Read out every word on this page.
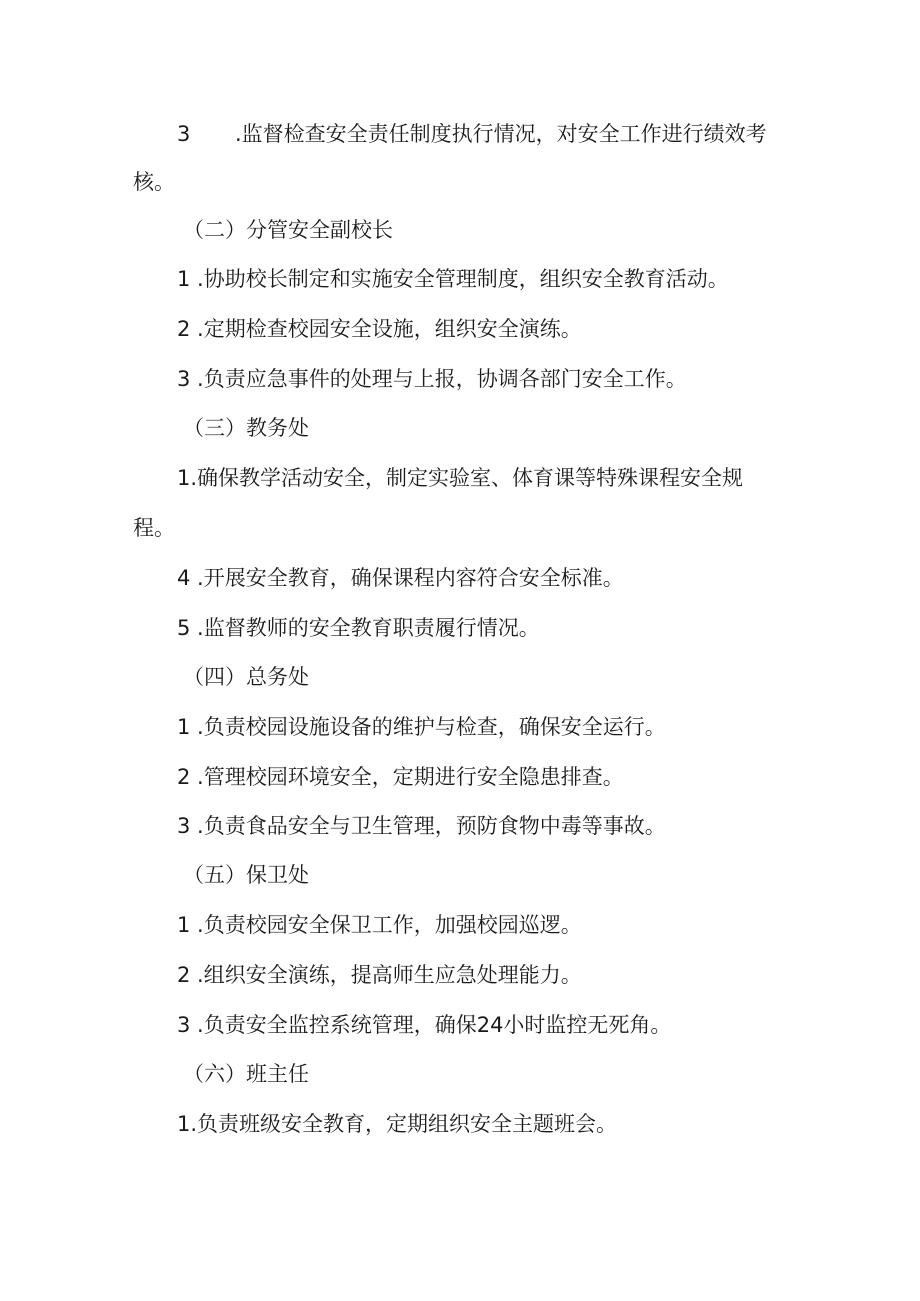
3 .监督检查安全责任制度执行情况，对安全工作进行绩效考
核。
（二）分管安全副校长
1 .协助校长制定和实施安全管理制度，组织安全教育活动。
2 .定期检查校园安全设施，组织安全演练。
3 .负责应急事件的处理与上报，协调各部门安全工作。
（三）教务处
1.确保教学活动安全，制定实验室、体育课等特殊课程安全规
程。
4 .开展安全教育，确保课程内容符合安全标准。
5 .监督教师的安全教育职责履行情况。
（四）总务处
1 .负责校园设施设备的维护与检查，确保安全运行。
2 .管理校园环境安全，定期进行安全隐患排查。
3 .负责食品安全与卫生管理，预防食物中毒等事故。
（五）保卫处
1 .负责校园安全保卫工作，加强校园巡逻。
2 .组织安全演练，提高师生应急处理能力。
3 .负责安全监控系统管理，确保24小时监控无死角。
（六）班主任
1.负责班级安全教育，定期组织安全主题班会。
